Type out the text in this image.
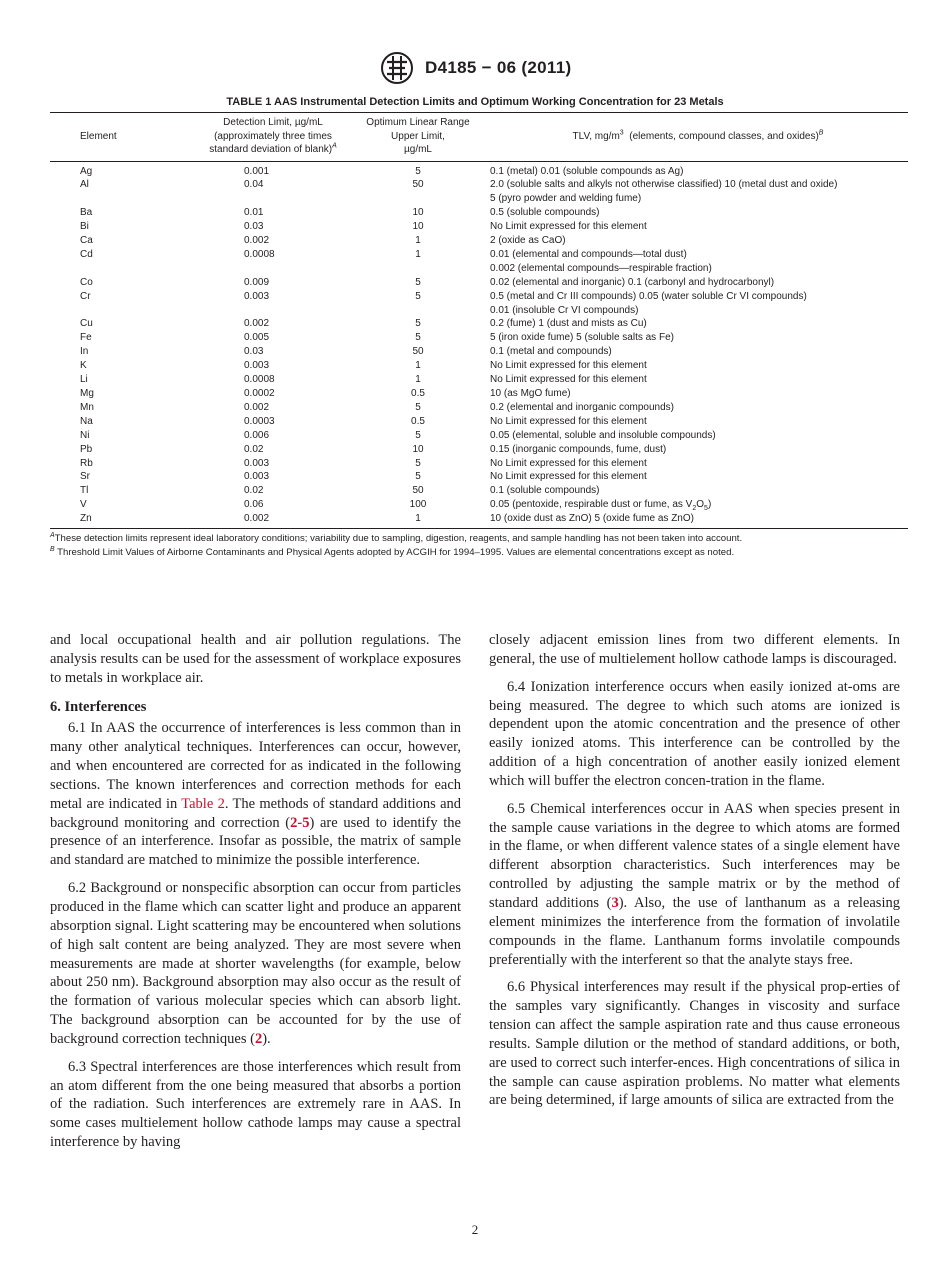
D4185 − 06 (2011)
TABLE 1 AAS Instrumental Detection Limits and Optimum Working Concentration for 23 Metals
Element	Detection Limit, µg/mL
(approximately three times
standard deviation of blank)$^A$	Optimum Linear Range
Upper Limit,
µg/mL	TLV, $mg/m^3$  (elements, compound classes, and oxides)$^B$
Ag	0.001	5	0.1 (metal) 0.01 (soluble compounds as Ag)

Al	0.04	50	2.0 (soluble salts and alkyls not otherwise classified) 10 (metal dust and oxide)
5 (pyro powder and welding fume)

Ba	0.01	10	0.5 (soluble compounds)

Bi	0.03	10	No Limit expressed for this element

Ca	0.002	1	2 (oxide as CaO)

Cd	0.0008	1	0.01 (elemental and compounds—total dust)
0.002 (elemental compounds—respirable fraction)

Co	0.009	5	0.02 (elemental and inorganic) 0.1 (carbonyl and hydrocarbonyl)

Cr	0.003	5	0.5 (metal and Cr III compounds) 0.05 (water soluble Cr VI compounds)
0.01 (insoluble Cr VI compounds)

Cu	0.002	5	0.2 (fume) 1 (dust and mists as Cu)

Fe	0.005	5	5 (iron oxide fume) 5 (soluble salts as Fe)

In	0.03	50	0.1 (metal and compounds)

K	0.003	1	No Limit expressed for this element

Li	0.0008	1	No Limit expressed for this element

Mg	0.0002	0.5	10 (as MgO fume)

Mn	0.002	5	0.2 (elemental and inorganic compounds)

Na	0.0003	0.5	No Limit expressed for this element

Ni	0.006	5	0.05 (elemental, soluble and insoluble compounds)

Pb	0.02	10	0.15 (inorganic compounds, fume, dust)

Rb	0.003	5	No Limit expressed for this element

Sr	0.003	5	No Limit expressed for this element

Tl	0.02	50	0.1 (soluble compounds)

V	0.06	100	0.05 (pentoxide, respirable dust or fume, as $V_2O_5$)
Zn	0.002	1	10 (oxide dust as ZnO) 5 (oxide fume as ZnO)
$^A$These detection limits represent ideal laboratory conditions; variability due to sampling, digestion, reagents, and sample handling has not been taken into account.
$^B$ Threshold Limit Values of Airborne Contaminants and Physical Agents adopted by ACGIH for 1994–1995. Values are elemental concentrations except as noted.

and local occupational health and air pollution regulations. The analysis results can be used for the assessment of workplace exposures to metals in workplace air.

6. Interferences

6.1 In AAS the occurrence of interferences is less common than in many other analytical techniques. Interferences can occur, however, and when encountered are corrected for as indicated in the following sections. The known interferences and correction methods for each metal are indicated in Table 2. The methods of standard additions and background monitoring and correction (2-5) are used to identify the presence of an interference. Insofar as possible, the matrix of sample and standard are matched to minimize the possible interference.

6.2 Background or nonspecific absorption can occur from particles produced in the flame which can scatter light and produce an apparent absorption signal. Light scattering may be encountered when solutions of high salt content are being analyzed. They are most severe when measurements are made at shorter wavelengths (for example, below about 250 nm). Background absorption may also occur as the result of the formation of various molecular species which can absorb light. The background absorption can be accounted for by the use of background correction techniques (2).

6.3 Spectral interferences are those interferences which result from an atom different from the one being measured that absorbs a portion of the radiation. Such interferences are extremely rare in AAS. In some cases multielement hollow cathode lamps may cause a spectral interference by having

closely adjacent emission lines from two different elements. In general, the use of multielement hollow cathode lamps is discouraged.

6.4 Ionization interference occurs when easily ionized at-oms are being measured. The degree to which such atoms are ionized is dependent upon the atomic concentration and the presence of other easily ionized atoms. This interference can be controlled by the addition of a high concentration of another easily ionized element which will buffer the electron concen-tration in the flame.

6.5 Chemical interferences occur in AAS when species present in the sample cause variations in the degree to which atoms are formed in the flame, or when different valence states of a single element have different absorption characteristics. Such interferences may be controlled by adjusting the sample matrix or by the method of standard additions (3). Also, the use of lanthanum as a releasing element minimizes the interference from the formation of involatile compounds in the flame. Lanthanum forms involatile compounds preferentially with the interferent so that the analyte stays free.

6.6 Physical interferences may result if the physical prop-erties of the samples vary significantly. Changes in viscosity and surface tension can affect the sample aspiration rate and thus cause erroneous results. Sample dilution or the method of standard additions, or both, are used to correct such interfer-ences. High concentrations of silica in the sample can cause aspiration problems. No matter what elements are being determined, if large amounts of silica are extracted from the

2
